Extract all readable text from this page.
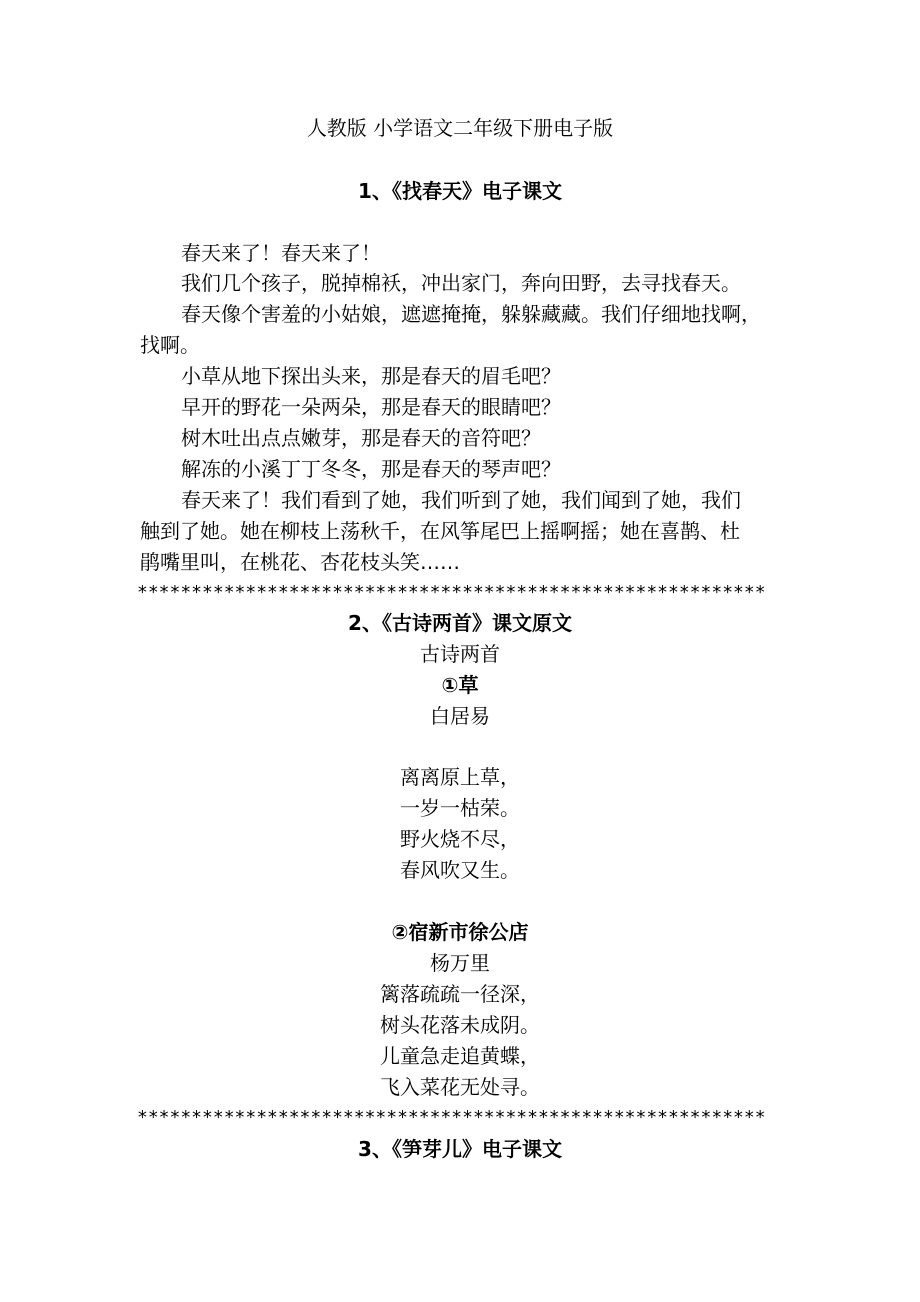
人教版 小学语文二年级下册电子版
1、《找春天》电子课文
春天来了！春天来了！
我们几个孩子，脱掉棉袄，冲出家门，奔向田野，去寻找春天。
春天像个害羞的小姑娘，遮遮掩掩，躲躲藏藏。我们仔细地找啊，
找啊。
小草从地下探出头来，那是春天的眉毛吧？
早开的野花一朵两朵，那是春天的眼睛吧？
树木吐出点点嫩芽，那是春天的音符吧？
解冻的小溪丁丁冬冬，那是春天的琴声吧？
春天来了！我们看到了她，我们听到了她，我们闻到了她，我们
触到了她。她在柳枝上荡秋千，在风筝尾巴上摇啊摇；她在喜鹊、杜
鹃嘴里叫，在桃花、杏花枝头笑……
**********************************************************
2、《古诗两首》课文原文
古诗两首
①草
白居易
离离原上草，
一岁一枯荣。
野火烧不尽，
春风吹又生。
②宿新市徐公店
杨万里
篱落疏疏一径深，
树头花落未成阴。
儿童急走追黄蝶，
飞入菜花无处寻。
**********************************************************
3、《笋芽儿》电子课文
